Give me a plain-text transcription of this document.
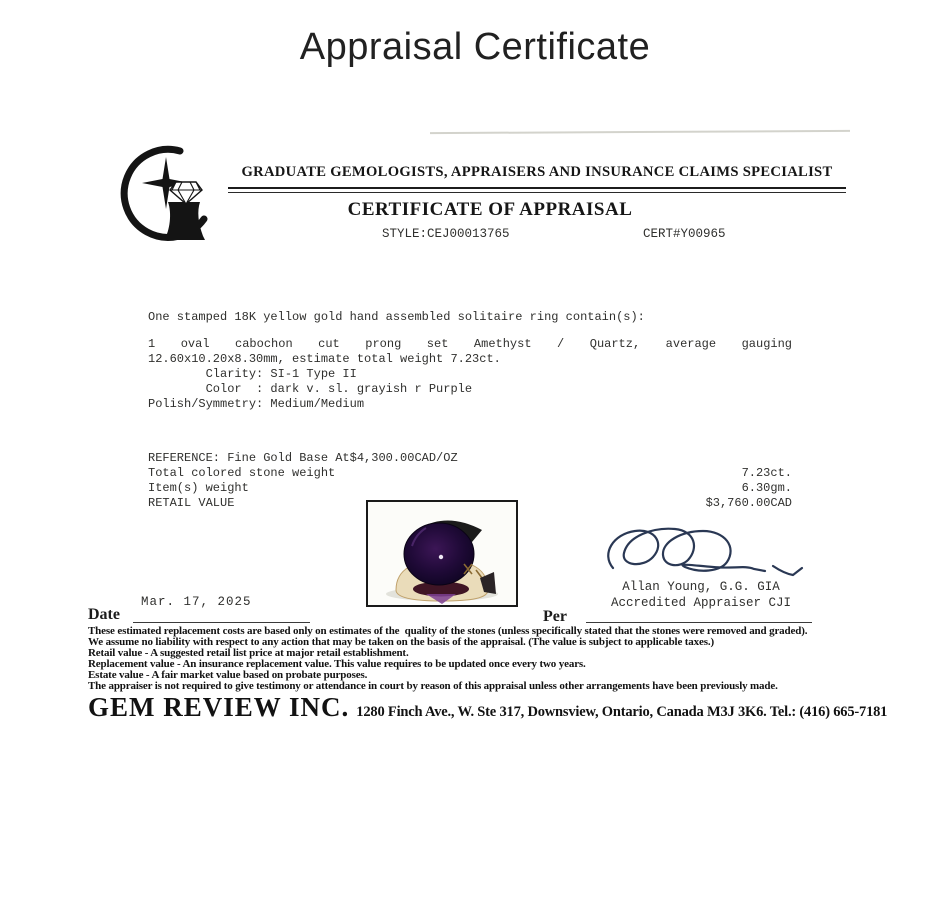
Appraisal Certificate
GRADUATE GEMOLOGISTS, APPRAISERS AND INSURANCE CLAIMS SPECIALIST
CERTIFICATE OF APPRAISAL
STYLE:CEJ00013765	CERT#Y00965
One stamped 18K yellow gold hand assembled solitaire ring contain(s):
1 oval cabochon cut prong set Amethyst / Quartz, average gauging
12.60x10.20x8.30mm, estimate total weight 7.23ct.
Clarity: SI-1 Type II
Color  : dark v. sl. grayish r Purple
Polish/Symmetry: Medium/Medium
REFERENCE: Fine Gold Base At$4,300.00CAD/OZ
Total colored stone weight	7.23ct.
Item(s) weight	6.30gm.
RETAIL VALUE	$3,760.00CAD
Allan Young, G.G. GIA
Accredited Appraiser CJI
Date
Mar. 17, 2025
Per
These estimated replacement costs are based only on estimates of the  quality of the stones (unless specifically stated that the stones were removed and graded).
We assume no liability with respect to any action that may be taken on the basis of the appraisal. (The value is subject to applicable taxes.)
Retail value - A suggested retail list price at major retail establishment.
Replacement value - An insurance replacement value. This value requires to be updated once every two years.
Estate value - A fair market value based on probate purposes.
The appraiser is not required to give testimony or attendance in court by reason of this appraisal unless other arrangements have been previously made.
GEM REVIEW INC. 1280 Finch Ave., W. Ste 317, Downsview, Ontario, Canada M3J 3K6. Tel.: (416) 665-7181
